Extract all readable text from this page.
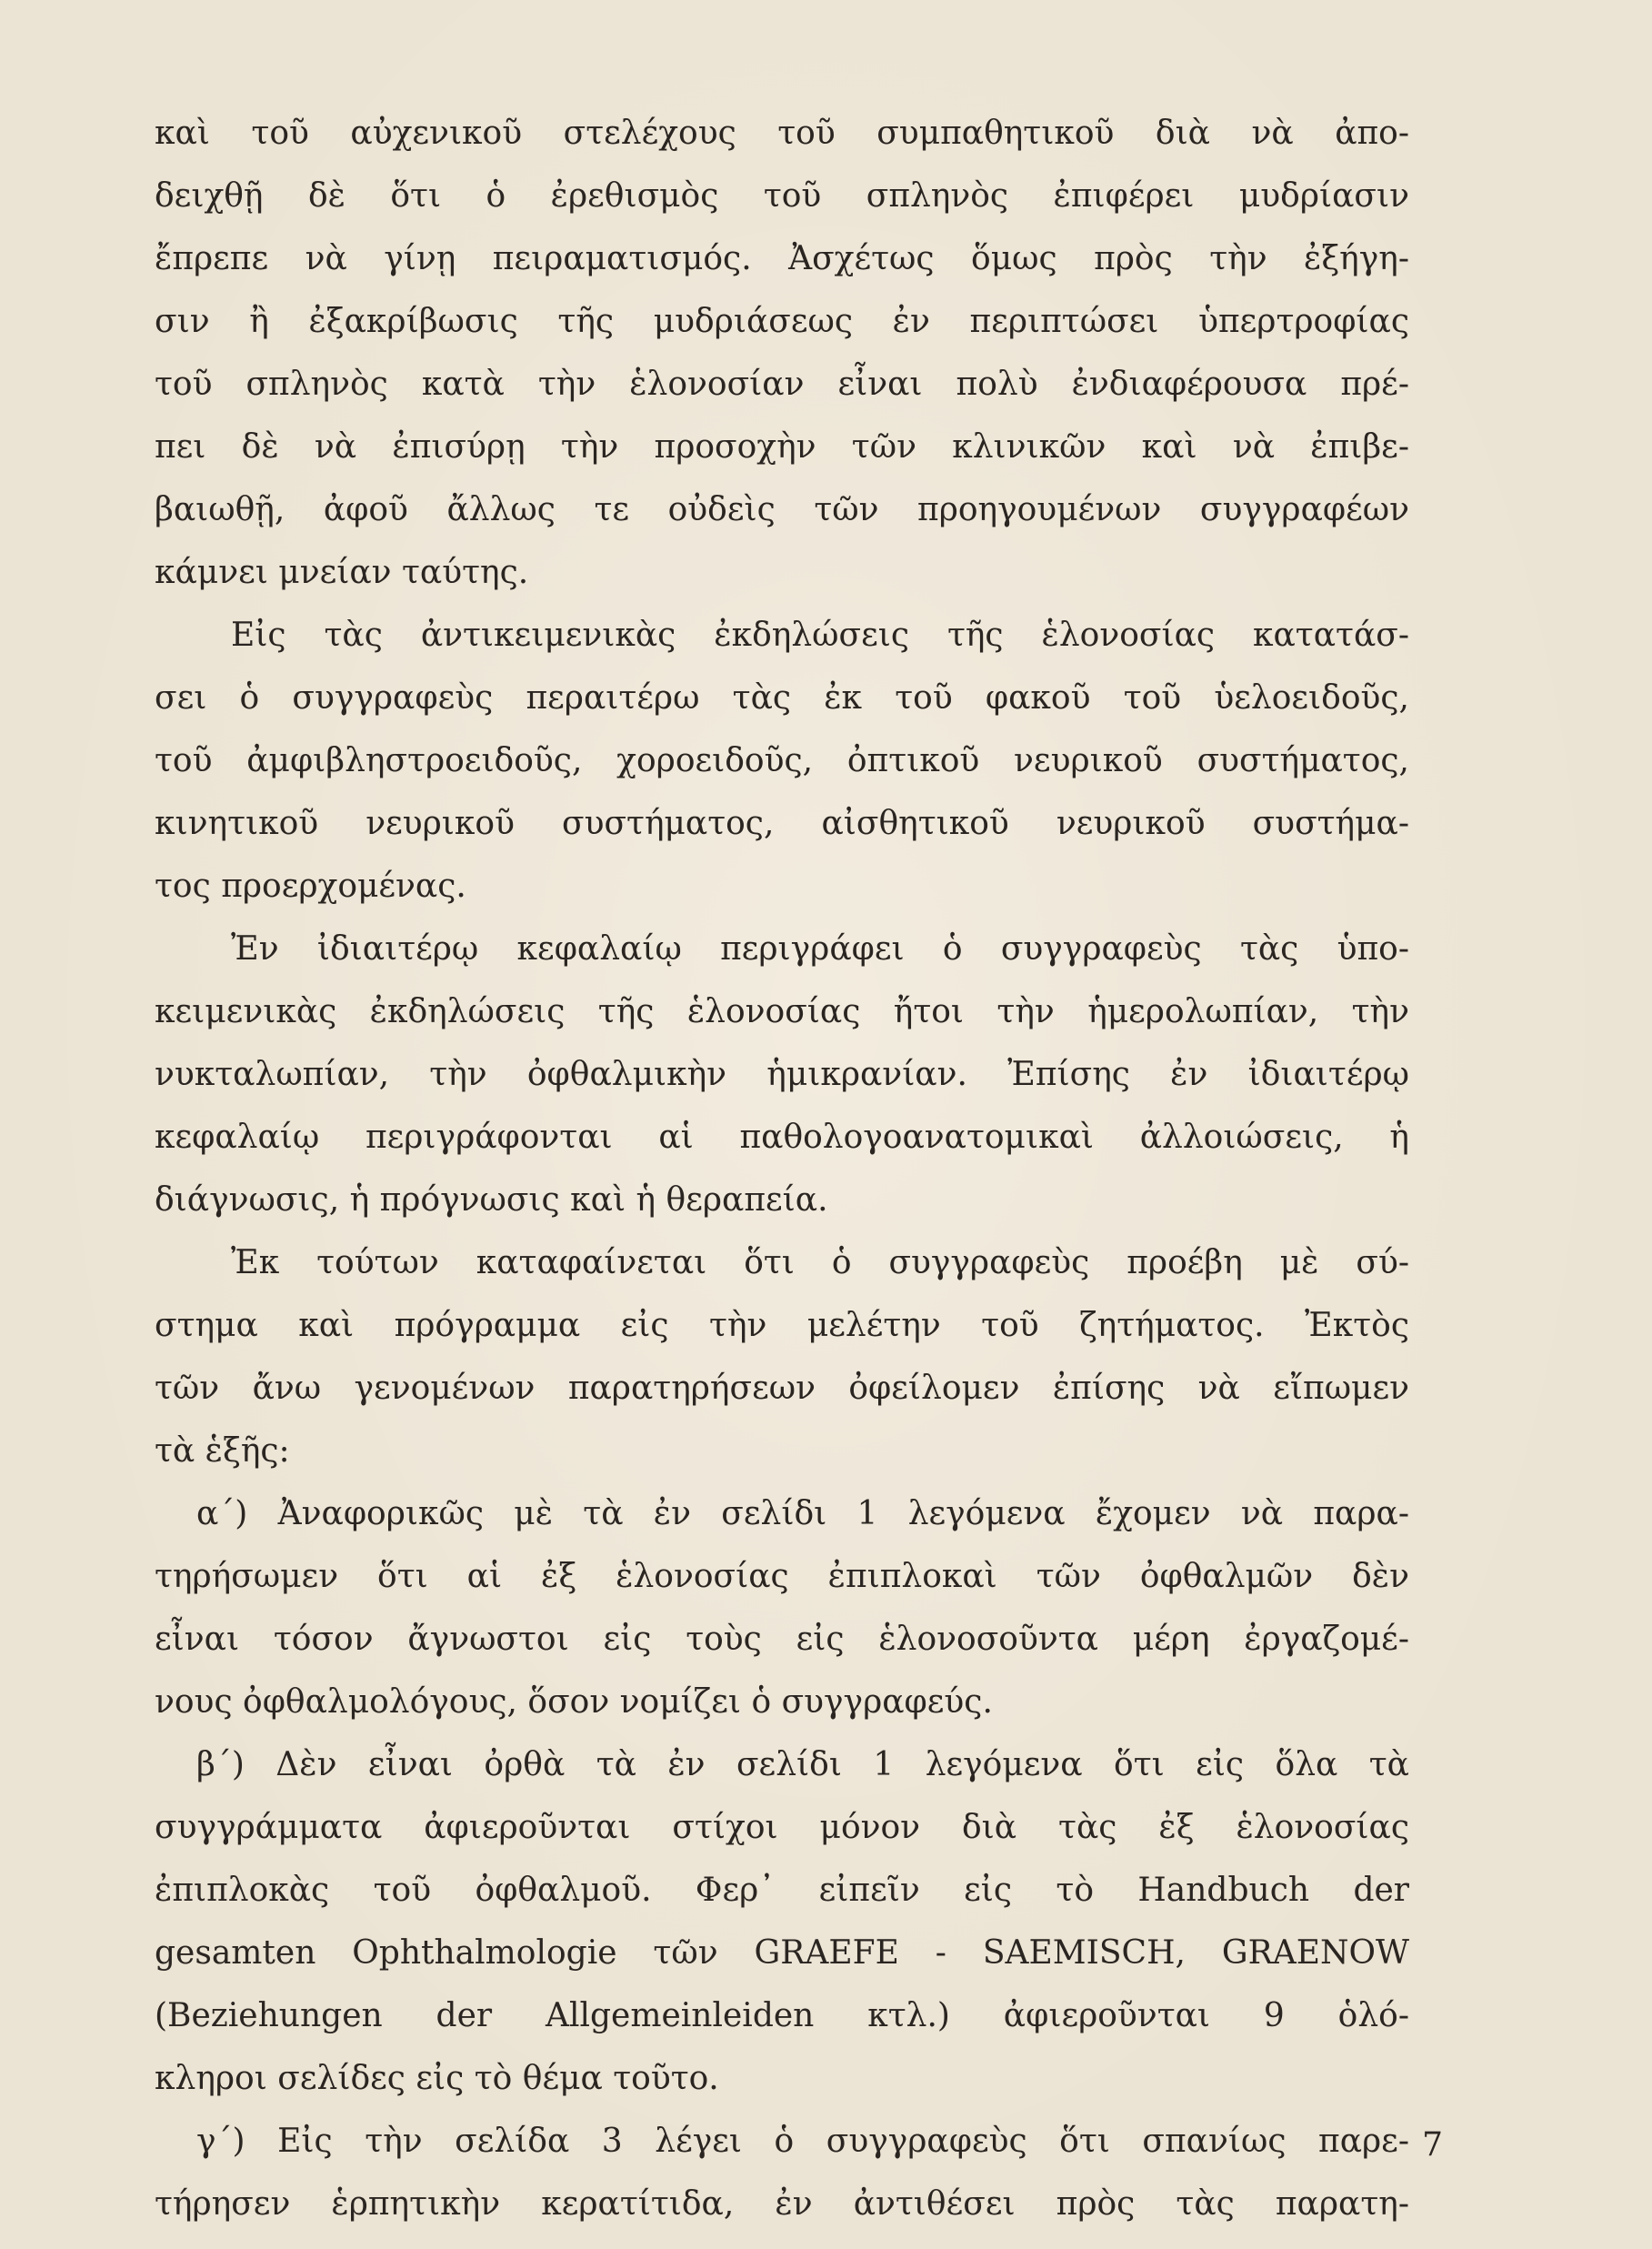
καὶ τοῦ αὐχενικοῦ στελέχους τοῦ συμπαθητικοῦ διὰ νὰ ἀπο-
δειχθῇ δὲ ὅτι ὁ ἐρεθισμὸς τοῦ σπληνὸς ἐπιφέρει μυδρίασιν
ἔπρεπε νὰ γίνῃ πειραματισμός. Ἀσχέτως ὅμως πρὸς τὴν ἐξήγη-
σιν ἢ ἐξακρίβωσις τῆς μυδριάσεως ἐν περιπτώσει ὑπερτροφίας
τοῦ σπληνὸς κατὰ τὴν ἑλονοσίαν εἶναι πολὺ ἐνδιαφέρουσα πρέ-
πει δὲ νὰ ἐπισύρῃ τὴν προσοχὴν τῶν κλινικῶν καὶ νὰ ἐπιβε-
βαιωθῇ, ἀφοῦ ἄλλως τε οὐδεὶς τῶν προηγουμένων συγγραφέων
κάμνει μνείαν ταύτης.
Εἰς τὰς ἀντικειμενικὰς ἐκδηλώσεις τῆς ἑλονοσίας κατατάσ-
σει ὁ συγγραφεὺς περαιτέρω τὰς ἐκ τοῦ φακοῦ τοῦ ὑελοειδοῦς,
τοῦ ἀμφιβληστροειδοῦς, χοροειδοῦς, ὀπτικοῦ νευρικοῦ συστήματος,
κινητικοῦ νευρικοῦ συστήματος, αἰσθητικοῦ νευρικοῦ συστήμα-
τος προερχομένας.
Ἐν ἰδιαιτέρῳ κεφαλαίῳ περιγράφει ὁ συγγραφεὺς τὰς ὑπο-
κειμενικὰς ἐκδηλώσεις τῆς ἑλονοσίας ἤτοι τὴν ἡμερολωπίαν, τὴν
νυκταλωπίαν, τὴν ὀφθαλμικὴν ἡμικρανίαν. Ἐπίσης ἐν ἰδιαιτέρῳ
κεφαλαίῳ περιγράφονται αἱ παθολογοανατομικαὶ ἀλλοιώσεις, ἡ
διάγνωσις, ἡ πρόγνωσις καὶ ἡ θεραπεία.
Ἐκ τούτων καταφαίνεται ὅτι ὁ συγγραφεὺς προέβη μὲ σύ-
στημα καὶ πρόγραμμα εἰς τὴν μελέτην τοῦ ζητήματος. Ἐκτὸς
τῶν ἄνω γενομένων παρατηρήσεων ὀφείλομεν ἐπίσης νὰ εἴπωμεν
τὰ ἑξῆς:
α΄) Ἀναφορικῶς μὲ τὰ ἐν σελίδι 1 λεγόμενα ἔχομεν νὰ παρα-
τηρήσωμεν ὅτι αἱ ἐξ ἑλονοσίας ἐπιπλοκαὶ τῶν ὀφθαλμῶν δὲν
εἶναι τόσον ἄγνωστοι εἰς τοὺς εἰς ἑλονοσοῦντα μέρη ἐργαζομέ-
νους ὀφθαλμολόγους, ὅσον νομίζει ὁ συγγραφεύς.
β΄) Δὲν εἶναι ὀρθὰ τὰ ἐν σελίδι 1 λεγόμενα ὅτι εἰς ὅλα τὰ
συγγράμματα ἀφιεροῦνται στίχοι μόνον διὰ τὰς ἐξ ἑλονοσίας
ἐπιπλοκὰς τοῦ ὀφθαλμοῦ. Φερ᾽ εἰπεῖν εἰς τὸ Handbuch der
gesamten Ophthalmologie τῶν GRAEFE - SAEMISCH, GRAENOW
(Beziehungen der Allgemeinleiden κτλ.) ἀφιεροῦνται 9 ὁλό-
κληροι σελίδες εἰς τὸ θέμα τοῦτο.
γ΄) Εἰς τὴν σελίδα 3 λέγει ὁ συγγραφεὺς ὅτι σπανίως παρε-
τήρησεν ἑρπητικὴν κερατίτιδα, ἐν ἀντιθέσει πρὸς τὰς παρατη-
7
